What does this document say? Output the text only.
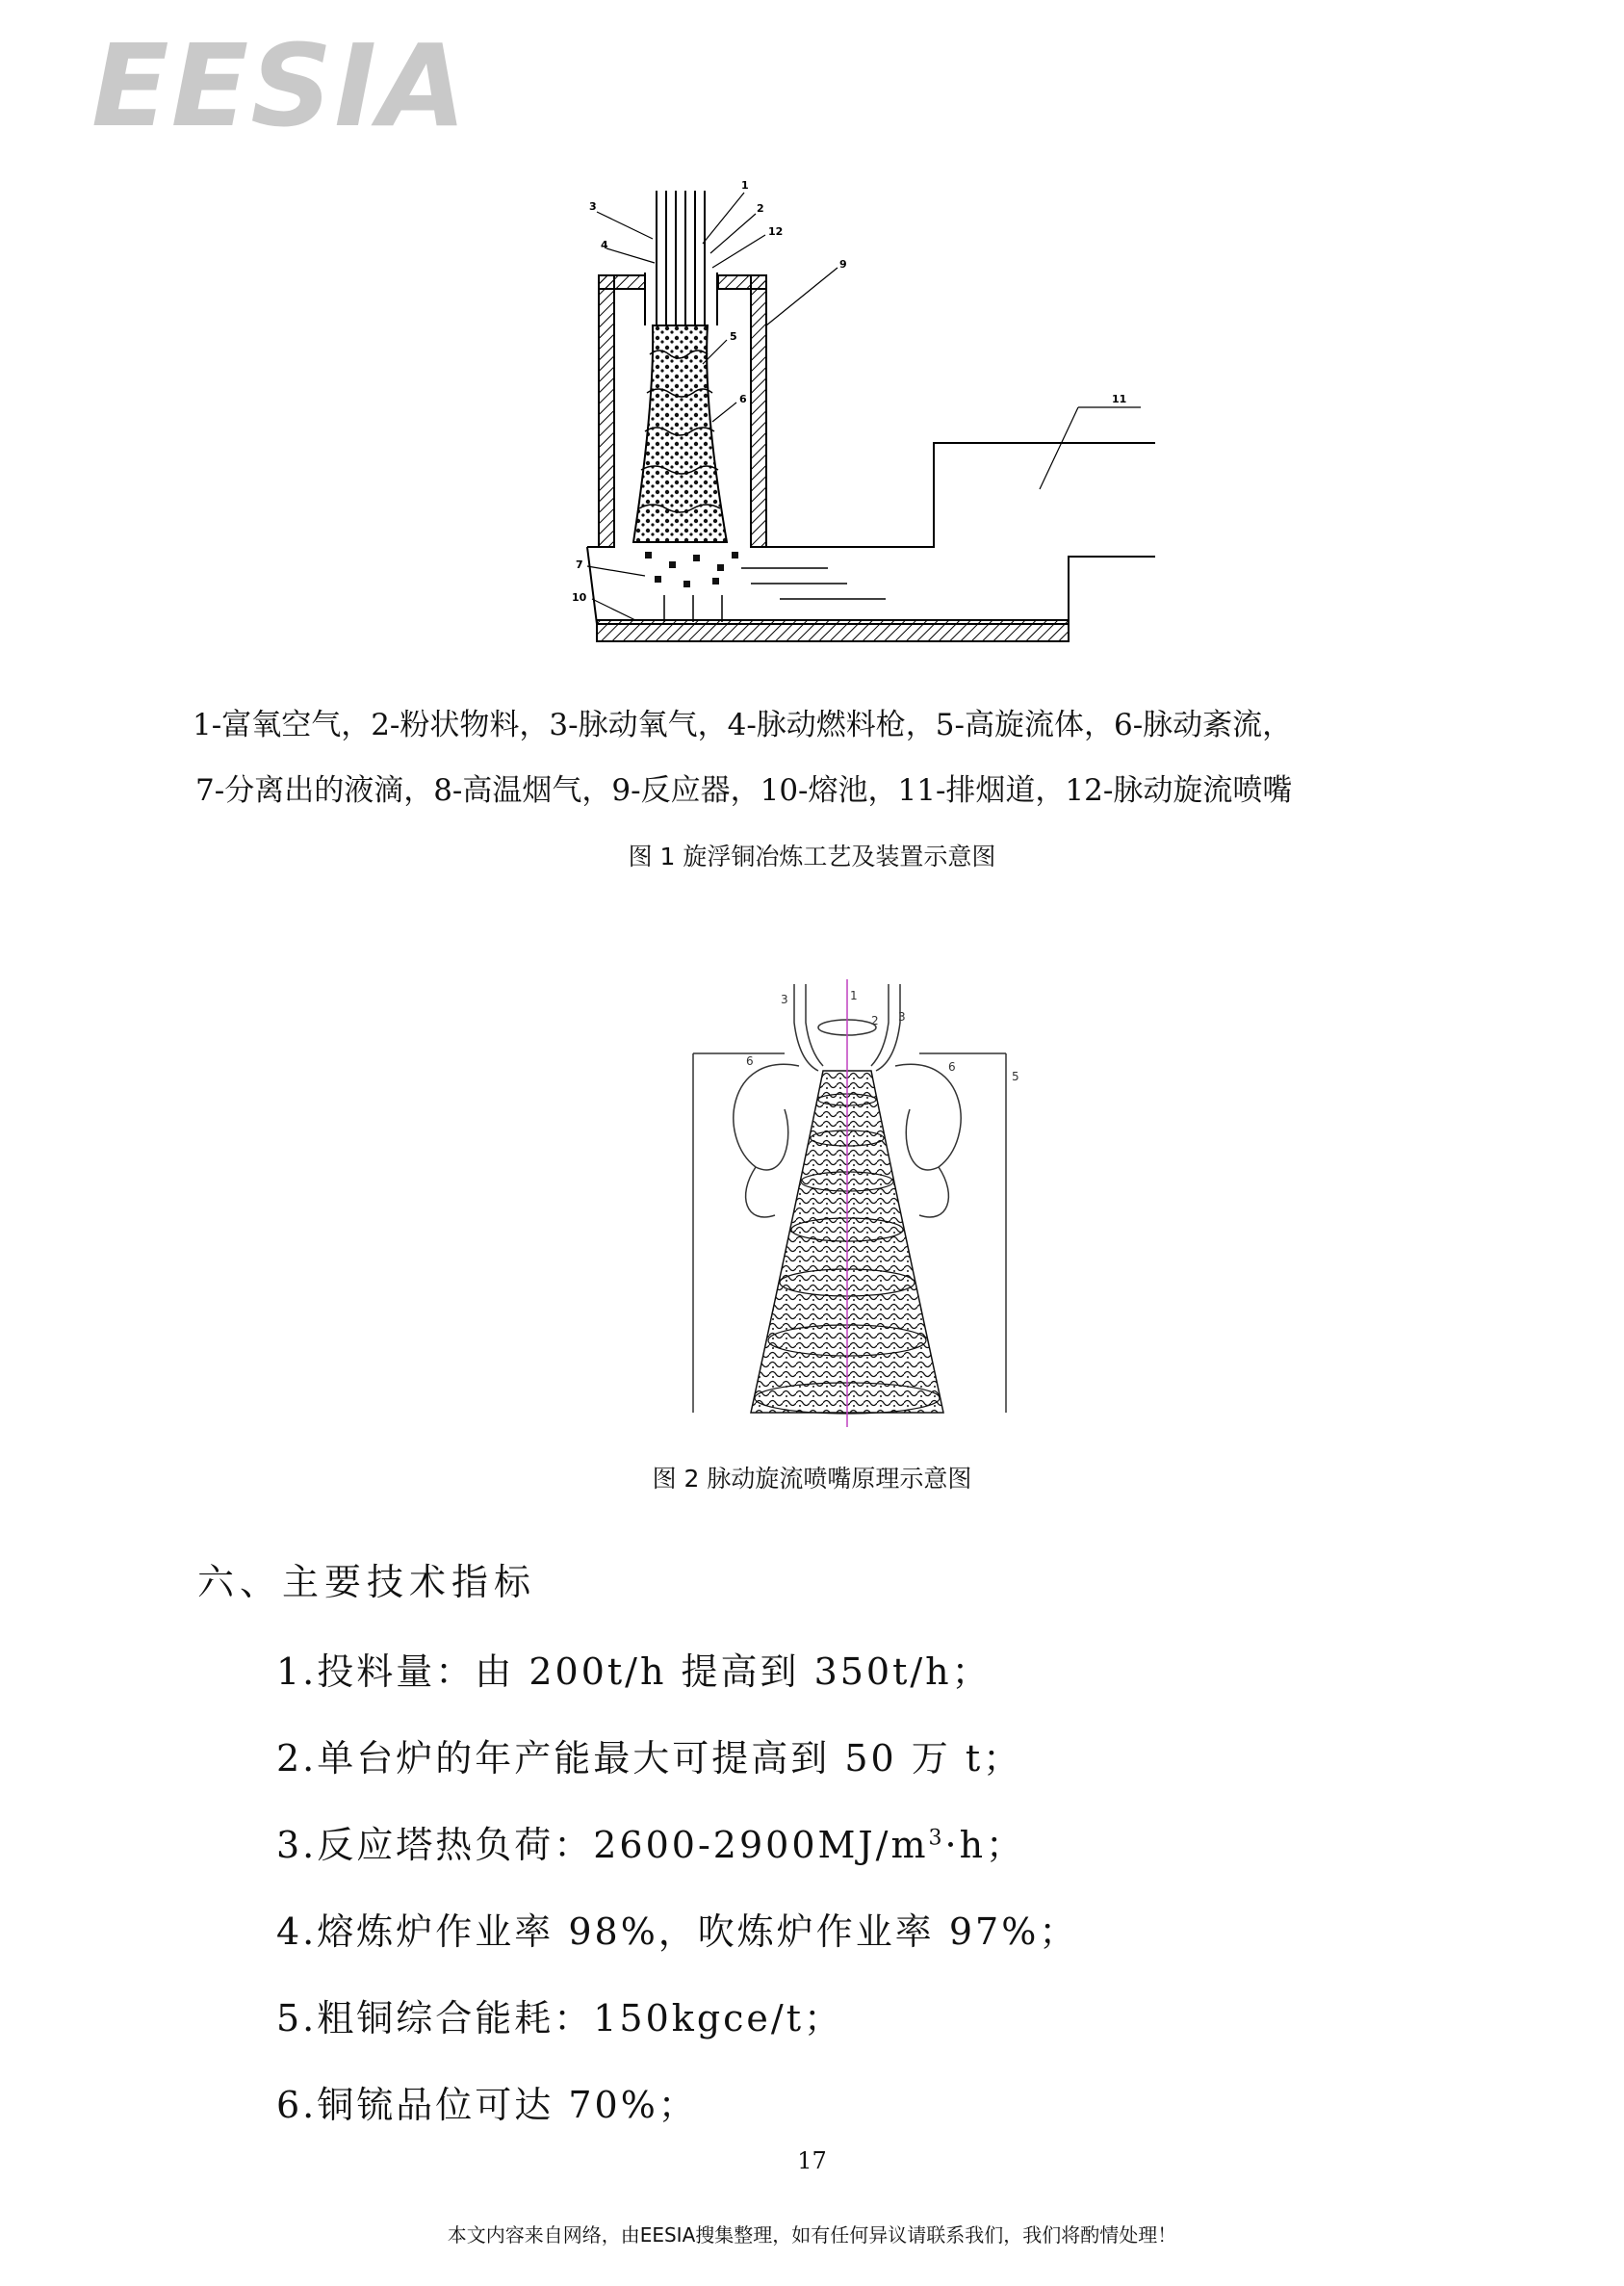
EESIA
1
2
3
4
5
6
7
9
10
11
12
1-富氧空气，2-粉状物料，3-脉动氧气，4-脉动燃料枪，5-高旋流体，6-脉动紊流，
7-分离出的液滴，8-高温烟气，9-反应器，10-熔池，11-排烟道，12-脉动旋流喷嘴
图 1 旋浮铜冶炼工艺及装置示意图
1
2
3
3
5
6	6
图 2 脉动旋流喷嘴原理示意图
六、主要技术指标
1.投料量：由 200t/h 提高到 350t/h；
2.单台炉的年产能最大可提高到 50 万 t；
3.反应塔热负荷：$2600-2900MJ/m^3\cdot h$；
4.熔炼炉作业率 98%，吹炼炉作业率 97%；
5.粗铜综合能耗：150kgce/t；
6.铜锍品位可达 70%；
17
本文内容来自网络，由EESIA搜集整理，如有任何异议请联系我们，我们将酌情处理！
